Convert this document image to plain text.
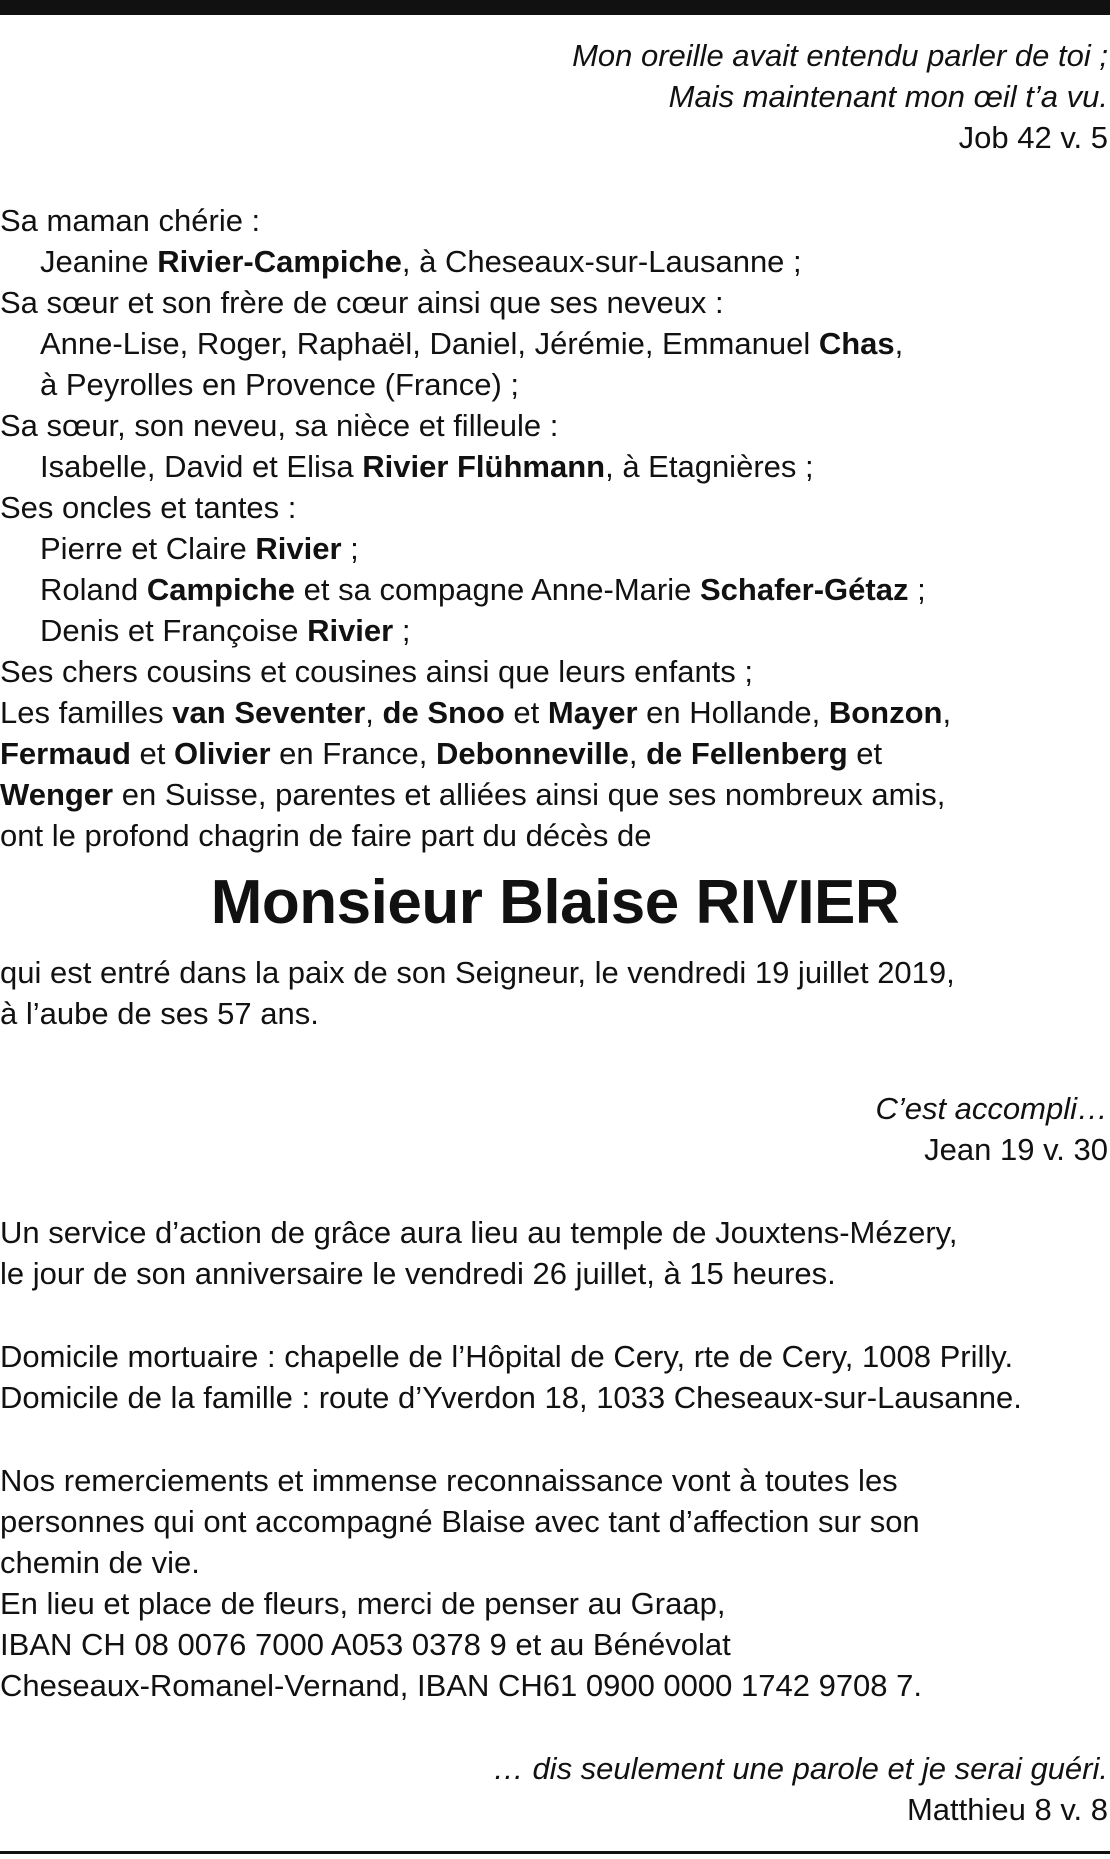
Mon oreille avait entendu parler de toi ;
Mais maintenant mon œil t’a vu.
Job 42 v. 5
Sa maman chérie :
Jeanine Rivier-Campiche, à Cheseaux-sur-Lausanne ;
Sa sœur et son frère de cœur ainsi que ses neveux :
Anne-Lise, Roger, Raphaël, Daniel, Jérémie, Emmanuel Chas,
à Peyrolles en Provence (France) ;
Sa sœur, son neveu, sa nièce et filleule :
Isabelle, David et Elisa Rivier Flühmann, à Etagnières ;
Ses oncles et tantes :
Pierre et Claire Rivier ;
Roland Campiche et sa compagne Anne-Marie Schafer-Gétaz ;
Denis et Françoise Rivier ;
Ses chers cousins et cousines ainsi que leurs enfants ;
Les familles van Seventer, de Snoo et Mayer en Hollande, Bonzon,
Fermaud et Olivier en France, Debonneville, de Fellenberg et
Wenger en Suisse, parentes et alliées ainsi que ses nombreux amis,
ont le profond chagrin de faire part du décès de
Monsieur Blaise RIVIER
qui est entré dans la paix de son Seigneur, le vendredi 19 juillet 2019,
à l’aube de ses 57 ans.
C’est accompli…
Jean 19 v. 30
Un service d’action de grâce aura lieu au temple de Jouxtens-Mézery,
le jour de son anniversaire le vendredi 26 juillet, à 15 heures.
Domicile mortuaire : chapelle de l’Hôpital de Cery, rte de Cery, 1008 Prilly.
Domicile de la famille : route d’Yverdon 18, 1033 Cheseaux-sur-Lausanne.
Nos remerciements et immense reconnaissance vont à toutes les
personnes qui ont accompagné Blaise avec tant d’affection sur son
chemin de vie.
En lieu et place de fleurs, merci de penser au Graap,
IBAN CH 08 0076 7000 A053 0378 9 et au Bénévolat
Cheseaux-Romanel-Vernand, IBAN CH61 0900 0000 1742 9708 7.
… dis seulement une parole et je serai guéri.
Matthieu 8 v. 8
